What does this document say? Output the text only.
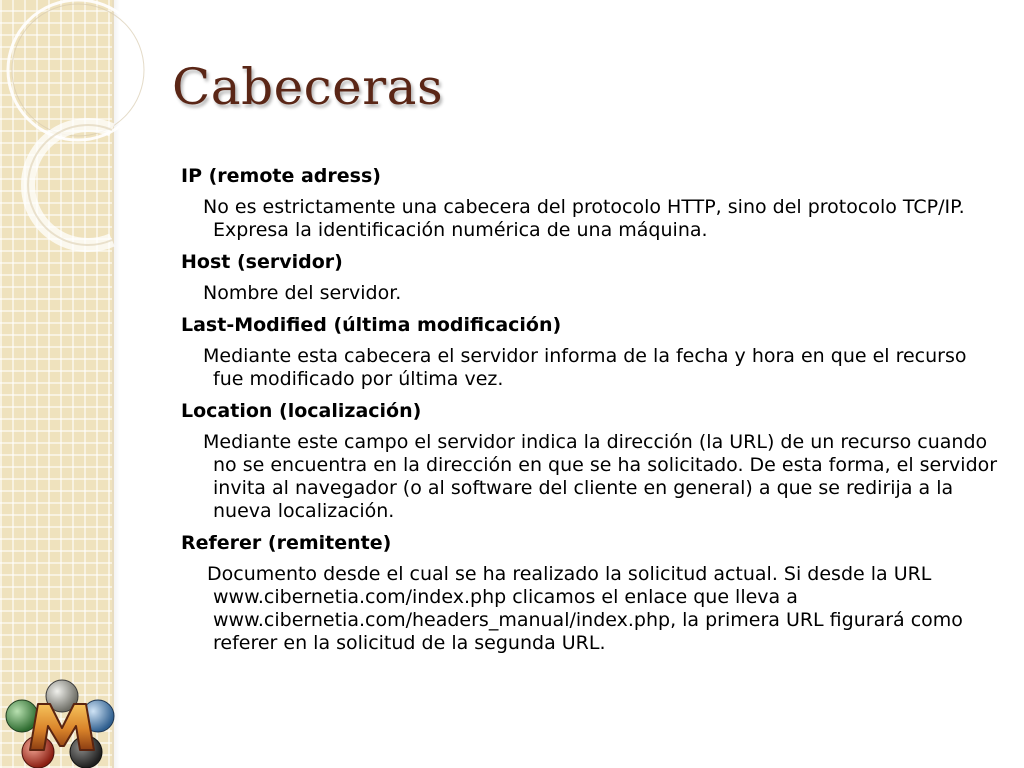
Cabeceras
IP (remote adress)
No es estrictamente una cabecera del protocolo HTTP, sino del protocolo TCP/IP. Expresa la identificación numérica de una máquina.
Host (servidor)
Nombre del servidor.
Last-Modified (última modificación)
Mediante esta cabecera el servidor informa de la fecha y hora en que el recurso fue modificado por última vez.
Location (localización)
Mediante este campo el servidor indica la dirección (la URL) de un recurso cuando no se encuentra en la dirección en que se ha solicitado. De esta forma, el servidor invita al navegador (o al software del cliente en general) a que se redirija a la nueva localización.
Referer (remitente)
Documento desde el cual se ha realizado la solicitud actual. Si desde la URL www.cibernetia.com/index.php clicamos el enlace que lleva a www.cibernetia.com/headers_manual/index.php, la primera URL figurará como referer en la solicitud de la segunda URL.
